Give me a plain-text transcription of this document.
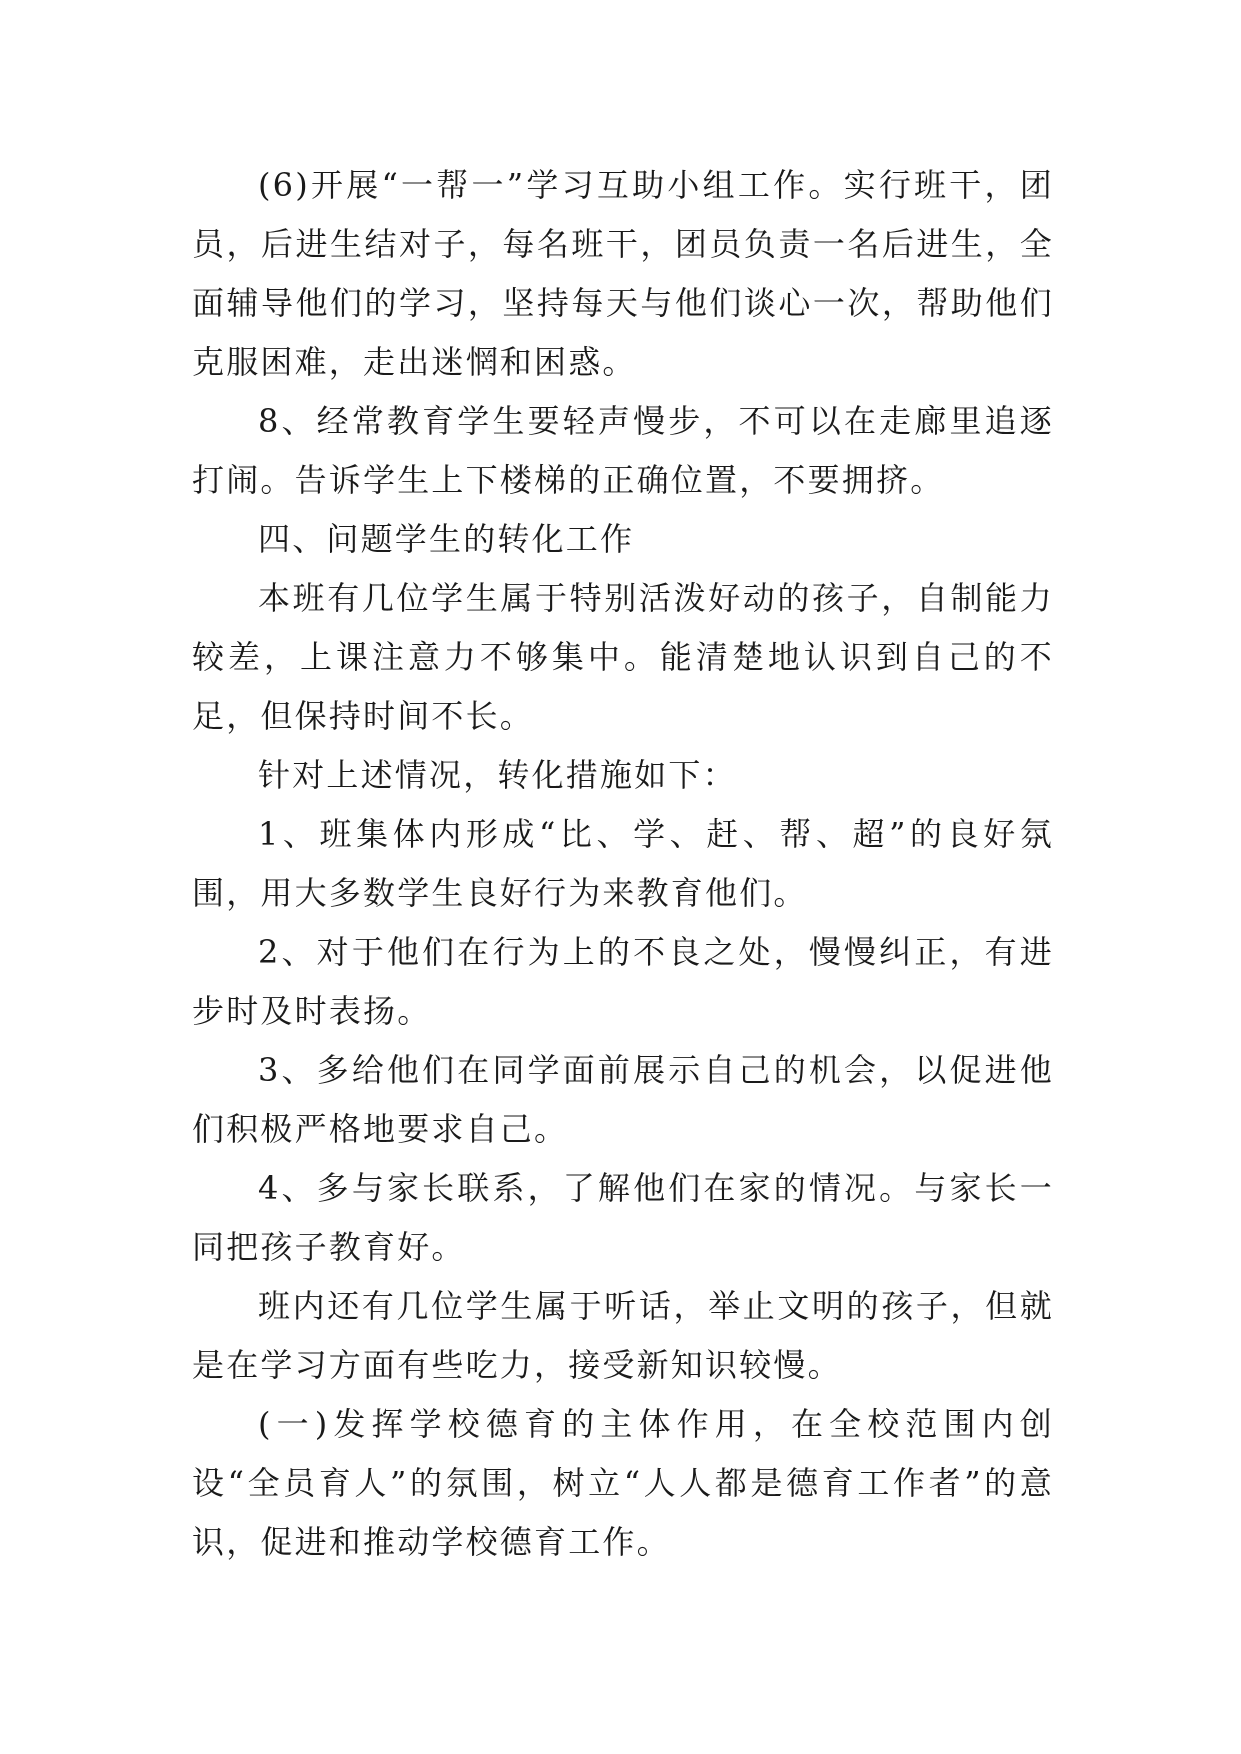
(6)开展“一帮一”学习互助小组工作。实行班干，团员，后进生结对子，每名班干，团员负责一名后进生，全面辅导他们的学习，坚持每天与他们谈心一次，帮助他们克服困难，走出迷惘和困惑。

8、经常教育学生要轻声慢步，不可以在走廊里追逐打闹。告诉学生上下楼梯的正确位置，不要拥挤。

四、问题学生的转化工作

本班有几位学生属于特别活泼好动的孩子，自制能力较差，上课注意力不够集中。能清楚地认识到自己的不足，但保持时间不长。

针对上述情况，转化措施如下：

1、班集体内形成“比、学、赶、帮、超”的良好氛围，用大多数学生良好行为来教育他们。

2、对于他们在行为上的不良之处，慢慢纠正，有进步时及时表扬。

3、多给他们在同学面前展示自己的机会，以促进他们积极严格地要求自己。

4、多与家长联系，了解他们在家的情况。与家长一同把孩子教育好。

班内还有几位学生属于听话，举止文明的孩子，但就是在学习方面有些吃力，接受新知识较慢。

(一)发挥学校德育的主体作用，在全校范围内创设“全员育人”的氛围，树立“人人都是德育工作者”的意识，促进和推动学校德育工作。
